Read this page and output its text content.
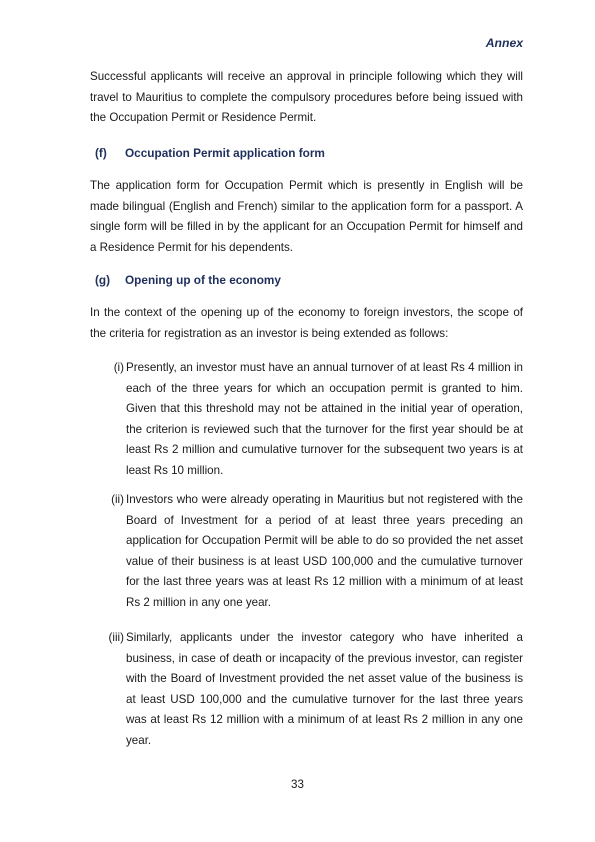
Annex

Successful applicants will receive an approval in principle following which they will travel to Mauritius to complete the compulsory procedures before being issued with the Occupation Permit or Residence Permit.

(f) Occupation Permit application form

The application form for Occupation Permit which is presently in English will be made bilingual (English and French) similar to the application form for a passport. A single form will be filled in by the applicant for an Occupation Permit for himself and a Residence Permit for his dependents.

(g) Opening up of the economy

In the context of the opening up of the economy to foreign investors, the scope of the criteria for registration as an investor is being extended as follows:

(i) Presently, an investor must have an annual turnover of at least Rs 4 million in each of the three years for which an occupation permit is granted to him. Given that this threshold may not be attained in the initial year of operation, the criterion is reviewed such that the turnover for the first year should be at least Rs 2 million and cumulative turnover for the subsequent two years is at least Rs 10 million.
(ii) Investors who were already operating in Mauritius but not registered with the Board of Investment for a period of at least three years preceding an application for Occupation Permit will be able to do so provided the net asset value of their business is at least USD 100,000 and the cumulative turnover for the last three years was at least Rs 12 million with a minimum of at least Rs 2 million in any one year.
(iii) Similarly, applicants under the investor category who have inherited a business, in case of death or incapacity of the previous investor, can register with the Board of Investment provided the net asset value of the business is at least USD 100,000 and the cumulative turnover for the last three years was at least Rs 12 million with a minimum of at least Rs 2 million in any one year.
33
